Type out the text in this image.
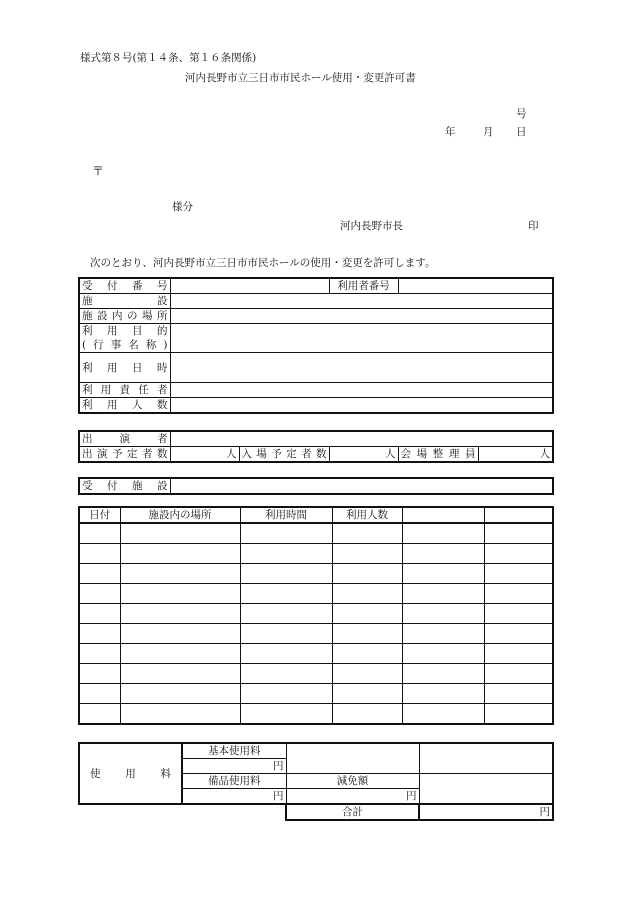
様式第８号(第１４条、第１６条関係)
河内長野市立三日市市民ホール使用・変更許可書
号
年	月 日
〒
様分
河内長野市長	印
次のとおり、河内長野市立三日市市民ホールの使用・変更を許可します。
受付番号		利用者番号	

施設			

施設内の場所			

利用目的			

(行事名称)			

利用日時			

利用責任者			

利用人数			

出演者					

出演予定者数	人	入場予定者数	人	会場整理員	人
受付施設

日付	施設内の場所	利用時間	利用人数		

使用料	基本使用料		
	円		
	備品使用料	減免額	
	円	円	
		合計	円
